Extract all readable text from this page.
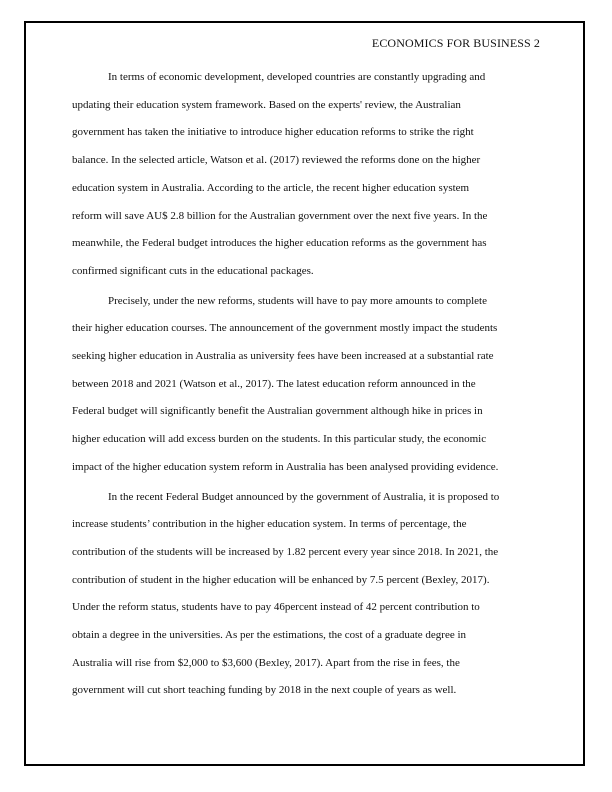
ECONOMICS FOR BUSINESS 2

In terms of economic development, developed countries are constantly upgrading and
updating their education system framework. Based on the experts' review, the Australian
government has taken the initiative to introduce higher education reforms to strike the right
balance. In the selected article, Watson et al. (2017) reviewed the reforms done on the higher
education system in Australia. According to the article, the recent higher education system
reform will save AU$ 2.8 billion for the Australian government over the next five years. In the
meanwhile, the Federal budget introduces the higher education reforms as the government has
confirmed significant cuts in the educational packages.

Precisely, under the new reforms, students will have to pay more amounts to complete
their higher education courses. The announcement of the government mostly impact the students
seeking higher education in Australia as university fees have been increased at a substantial rate
between 2018 and 2021 (Watson et al., 2017). The latest education reform announced in the
Federal budget will significantly benefit the Australian government although hike in prices in
higher education will add excess burden on the students. In this particular study, the economic
impact of the higher education system reform in Australia has been analysed providing evidence.

In the recent Federal Budget announced by the government of Australia, it is proposed to
increase students’ contribution in the higher education system. In terms of percentage, the
contribution of the students will be increased by 1.82 percent every year since 2018. In 2021, the
contribution of student in the higher education will be enhanced by 7.5 percent (Bexley, 2017).
Under the reform status, students have to pay 46percent instead of 42 percent contribution to
obtain a degree in the universities. As per the estimations, the cost of a graduate degree in
Australia will rise from $2,000 to $3,600 (Bexley, 2017). Apart from the rise in fees, the
government will cut short teaching funding by 2018 in the next couple of years as well.
